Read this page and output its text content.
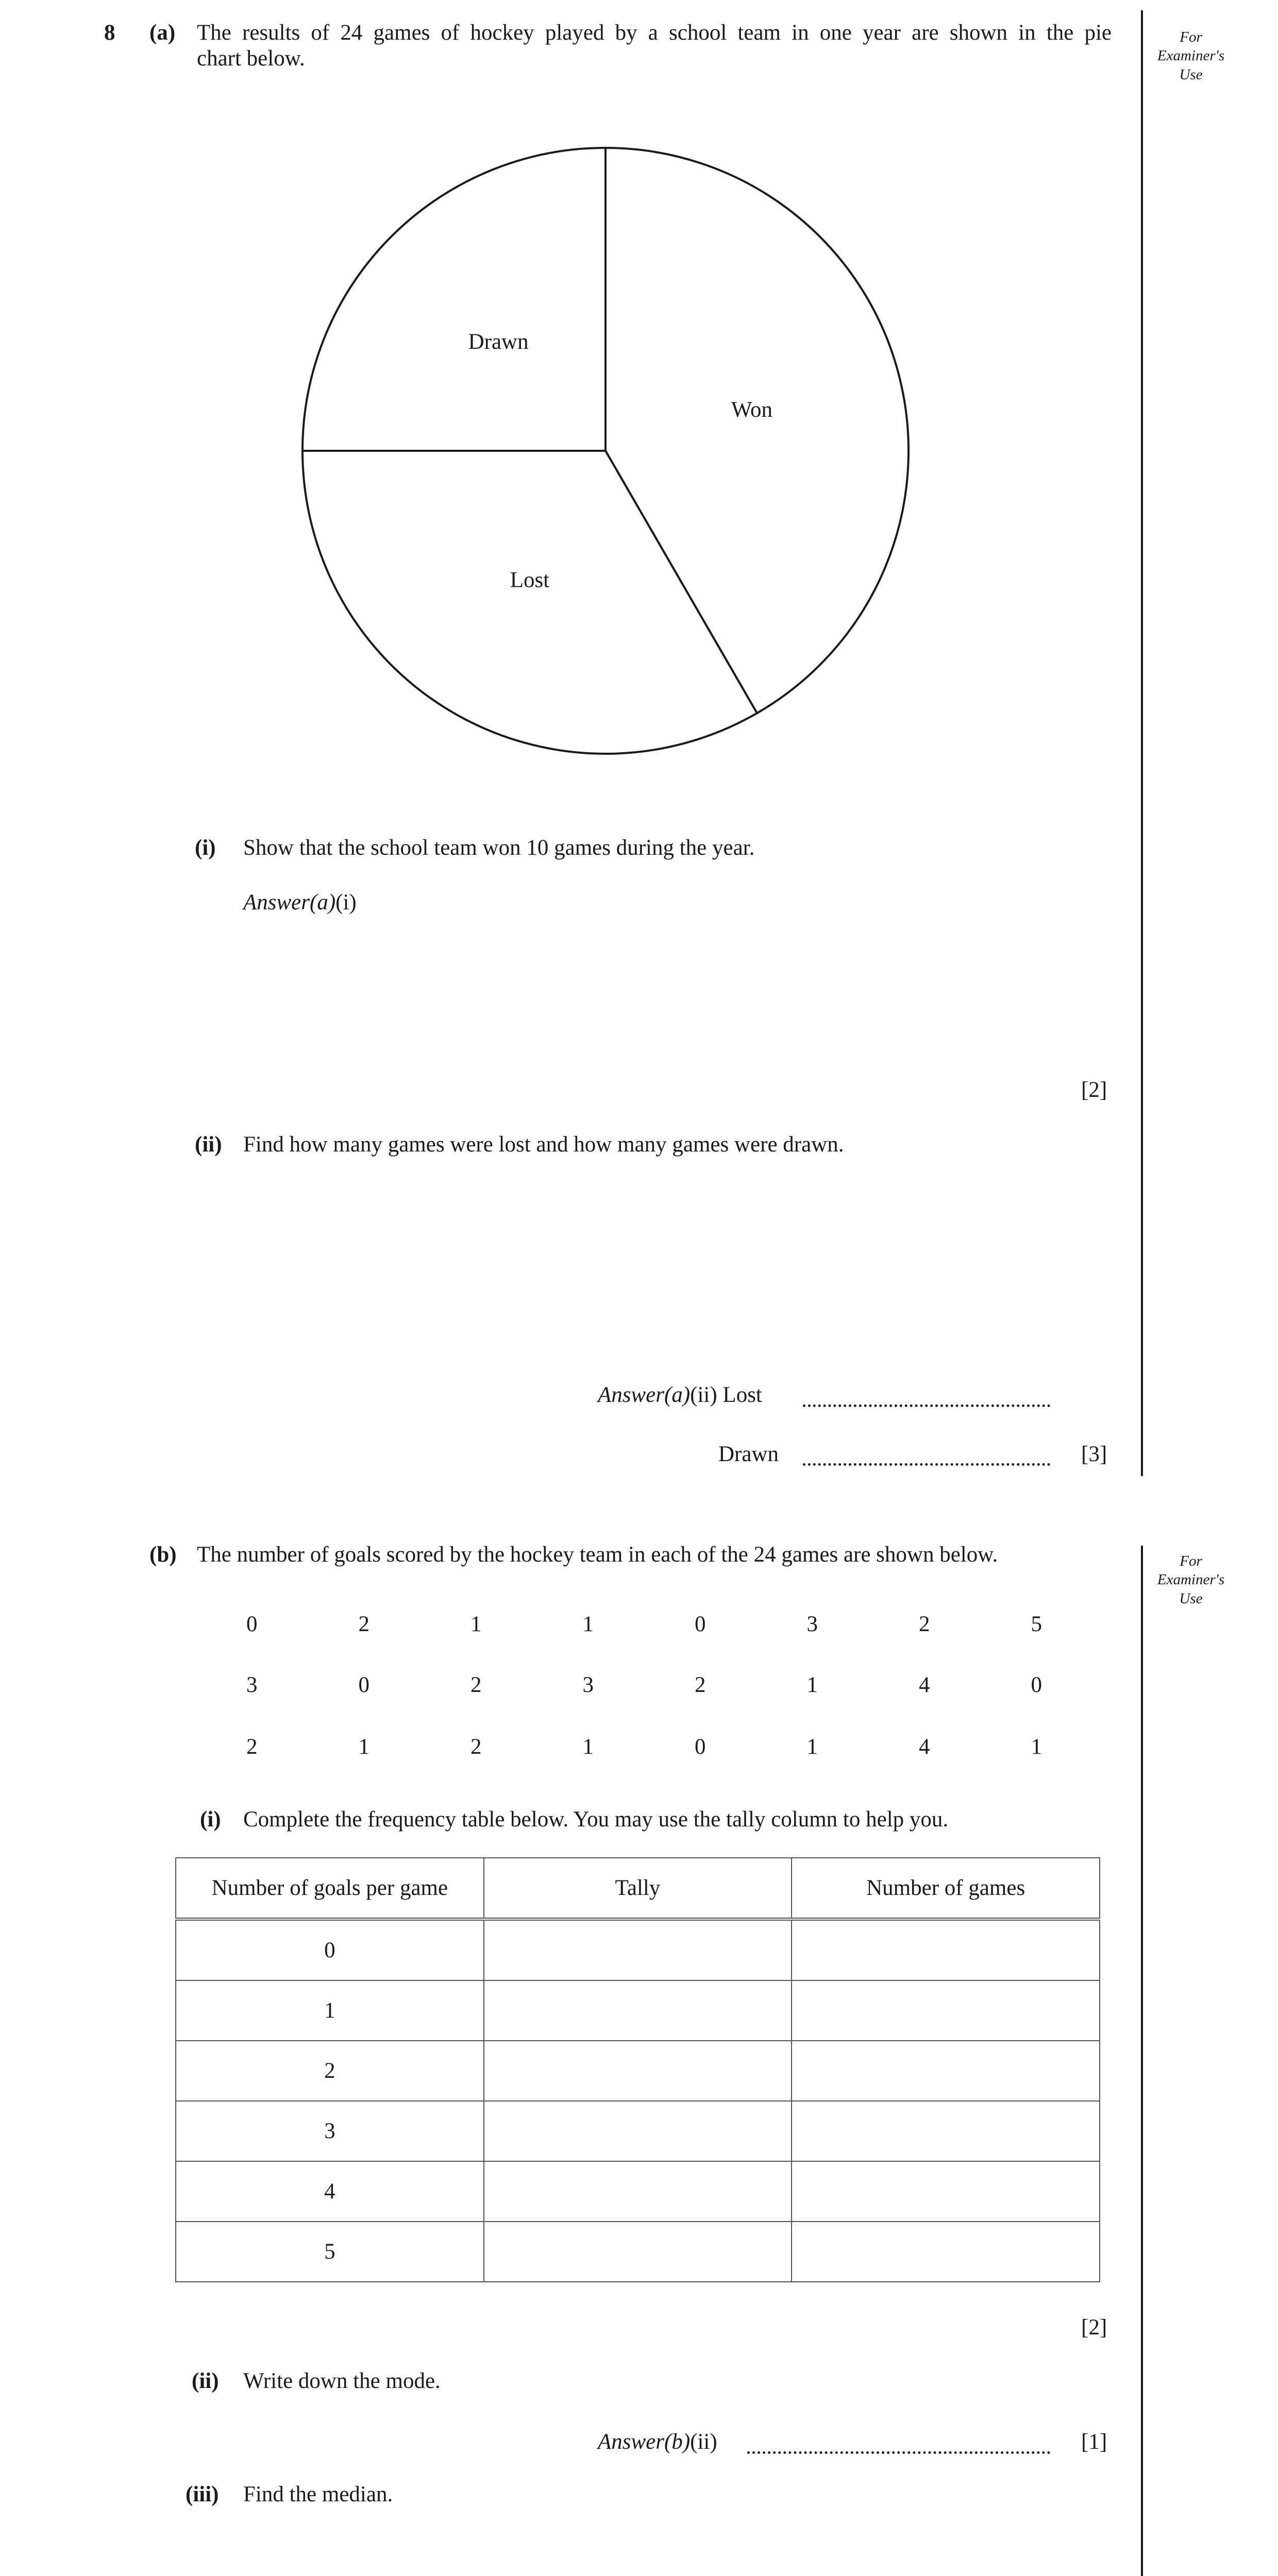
8 (a) The results of 24 games of hockey played by a school team in one year are shown in the pie
chart below.
For
Examiner's
Use
Won
Lost
Drawn
(i) Show that the school team won 10 games during the year.
Answer(a)(i)
[2]
(ii) Find how many games were lost and how many games were drawn.
Answer(a)(ii) Lost
Drawn	[3]
(b) The number of goals scored by the hockey team in each of the 24 games are shown below.	For
Examiner's
Use
0	2	1	1	0	3	2	5
3	0	2	3	2	1	4	0
2	1	2	1	0	1	4	1
(i) Complete the frequency table below. You may use the tally column to help you.
Number of goals per game	Tally	Number of games
0		
1		
2		
3		
4		
5		
[2]
(ii) Write down the mode.
Answer(b)(ii)	[1]
(iii) Find the median.
